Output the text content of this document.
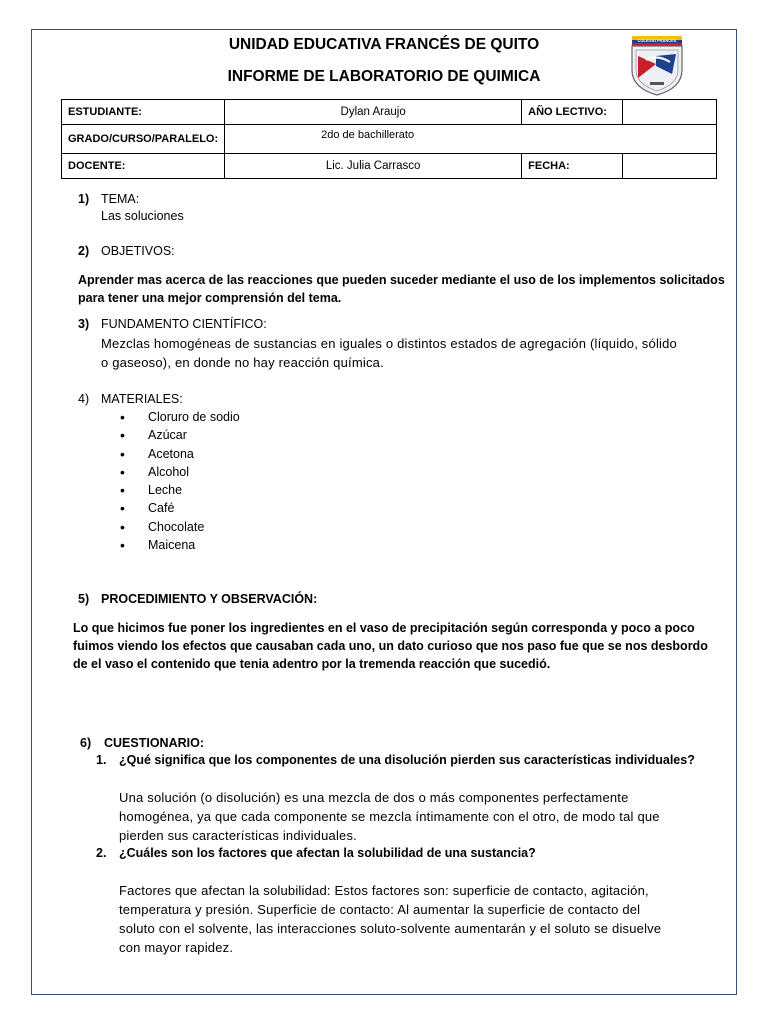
UNIDAD EDUCATIVA FRANCÉS DE QUITO
INFORME DE LABORATORIO DE QUIMICA
COLEGIO FRANCES
ESTUDIANTE:	Dylan Araujo	AÑO LECTIVO:	
GRADO/CURSO/PARALELO:	2do de bachillerato		
DOCENTE:	Lic. Julia Carrasco	FECHA:	
1) TEMA:
Las soluciones
2) OBJETIVOS:
Aprender mas acerca de las reacciones que pueden suceder mediante el uso de los implementos solicitados
para tener una mejor comprensión del tema.
3) FUNDAMENTO CIENTÍFICO:
Mezclas homogéneas de sustancias en iguales o distintos estados de agregación (líquido, sólido
o gaseoso), en donde no hay reacción química.
4) MATERIALES:
• Cloruro de sodio
• Azúcar
• Acetona
• Alcohol
• Leche
• Café
• Chocolate
• Maicena
5) PROCEDIMIENTO Y OBSERVACIÓN:
Lo que hicimos fue poner los ingredientes en el vaso de precipitación según corresponda y poco a poco
fuimos viendo los efectos que causaban cada uno, un dato curioso que nos paso fue que se nos desbordo
de el vaso el contenido que tenia adentro por la tremenda reacción que sucedió.
6) CUESTIONARIO:
1. ¿Qué significa que los componentes de una disolución pierden sus características individuales?
Una solución (o disolución) es una mezcla de dos o más componentes perfectamente
homogénea, ya que cada componente se mezcla íntimamente con el otro, de modo tal que
pierden sus características individuales.
2. ¿Cuáles son los factores que afectan la solubilidad de una sustancia?
Factores que afectan la solubilidad: Estos factores son: superficie de contacto, agitación,
temperatura y presión. Superficie de contacto: Al aumentar la superficie de contacto del
soluto con el solvente, las interacciones soluto-solvente aumentarán y el soluto se disuelve
con mayor rapidez.
